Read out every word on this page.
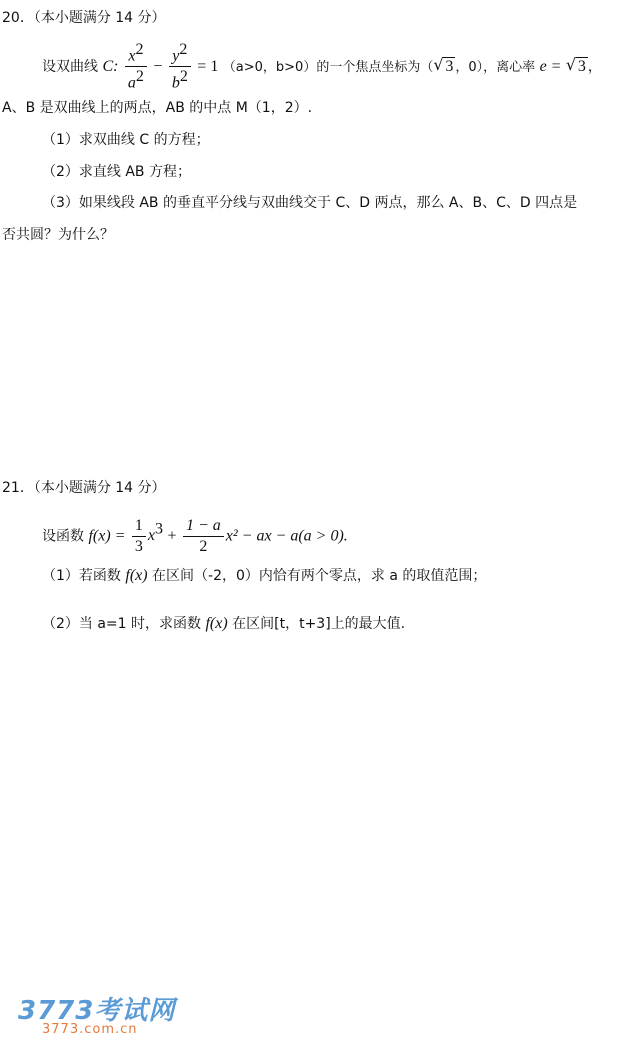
20．（本小题满分 14 分）
设双曲线 C: $\frac{x^2}{a^2} - \frac{y^2}{b^2} = 1$ （a>0，b>0）的一个焦点坐标为（ √ 3 ，0），离心率 e = √ 3 ，
A、B 是双曲线上的两点，AB 的中点 M（1，2）.
（1）求双曲线 C 的方程；
（2）求直线 AB 方程；
（3）如果线段 AB 的垂直平分线与双曲线交于 C、D 两点，那么 A、B、C、D 四点是
否共圆？为什么？
21．（本小题满分 14 分）
设函数 $f(x) = \frac{1}{3} x^3 + \frac{1 - a}{2} x^2$ − ax − a(a > 0).
（1）若函数 f(x) 在区间（-2，0）内恰有两个零点，求 a 的取值范围；
（2）当 a=1 时，求函数 f(x) 在区间[t，t+3]上的最大值.
3773考试网
3773.com.cn
